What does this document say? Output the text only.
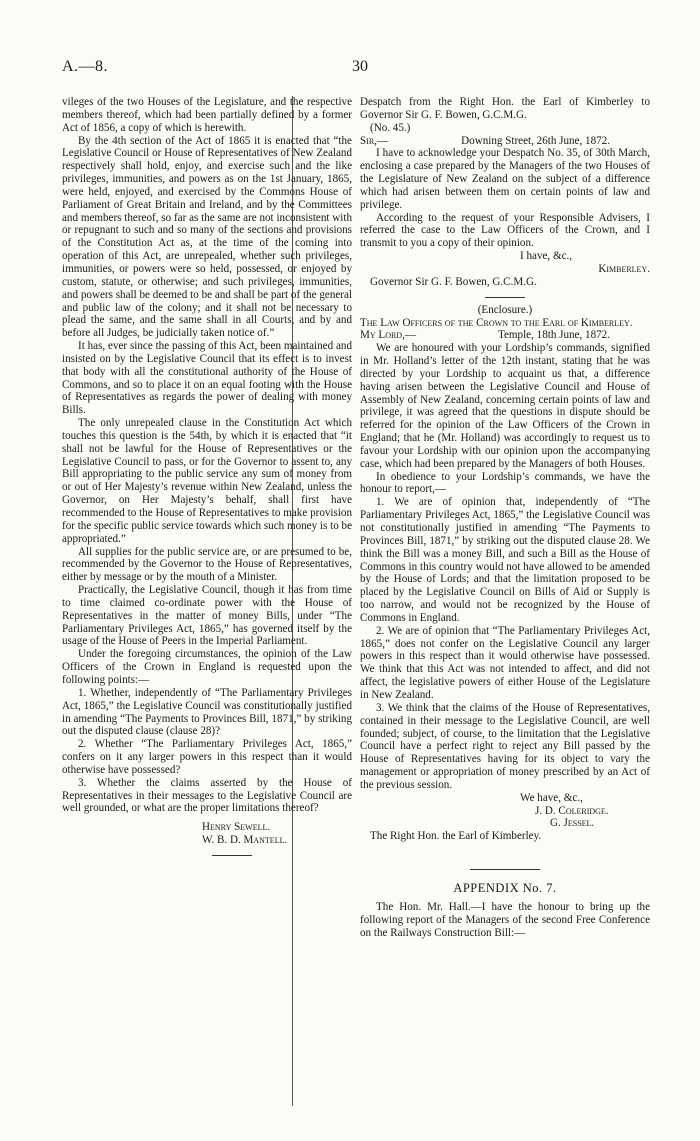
A.—8.	30

vileges of the two Houses of the Legislature, and the respective members thereof, which had been partially defined by a former Act of 1856, a copy of which is herewith.

By the 4th section of the Act of 1865 it is enacted that “the Legislative Council or House of Representatives of New Zealand respectively shall hold, enjoy, and exercise such and the like privileges, immunities, and powers as on the 1st January, 1865, were held, enjoyed, and exercised by the Commons House of Parliament of Great Britain and Ireland, and by the Committees and members thereof, so far as the same are not inconsistent with or repugnant to such and so many of the sections and provisions of the Constitution Act as, at the time of the coming into operation of this Act, are unrepealed, whether such privileges, immunities, or powers were so held, possessed, or enjoyed by custom, statute, or otherwise; and such privileges, immunities, and powers shall be deemed to be and shall be part of the general and public law of the colony; and it shall not be necessary to plead the same, and the same shall in all Courts, and by and before all Judges, be judicially taken notice of.”

It has, ever since the passing of this Act, been maintained and insisted on by the Legislative Council that its effect is to invest that body with all the constitutional authority of the House of Commons, and so to place it on an equal footing with the House of Representatives as regards the power of dealing with money Bills.

The only unrepealed clause in the Constitution Act which touches this question is the 54th, by which it is enacted that “it shall not be lawful for the House of Representatives or the Legislative Council to pass, or for the Governor to assent to, any Bill appropriating to the public service any sum of money from or out of Her Majesty’s revenue within New Zealand, unless the Governor, on Her Majesty’s behalf, shall first have recommended to the House of Representatives to make provision for the specific public service towards which such money is to be appropriated.”

All supplies for the public service are, or are presumed to be, recommended by the Governor to the House of Representatives, either by message or by the mouth of a Minister.

Practically, the Legislative Council, though it has from time to time claimed co-ordinate power with the House of Representatives in the matter of money Bills, under “The Parliamentary Privileges Act, 1865,” has governed itself by the usage of the House of Peers in the Imperial Parliament.

Under the foregoing circumstances, the opinion of the Law Officers of the Crown in England is requested upon the following points:—

1. Whether, independently of “The Parliamentary Privileges Act, 1865,” the Legislative Council was constitutionally justified in amending “The Payments to Provinces Bill, 1871,” by striking out the disputed clause (clause 28)?

2. Whether “The Parliamentary Privileges Act, 1865,” confers on it any larger powers in this respect than it would otherwise have possessed?

3. Whether the claims asserted by the House of Representatives in their messages to the Legislative Council are well grounded, or what are the proper limitations thereof?

Henry Sewell.

W. B. D. Mantell.

Despatch from the Right Hon. the Earl of Kimberley to Governor Sir G. F. Bowen, G.C.M.G.

(No. 45.)

Sir,—	Downing Street, 26th June, 1872.

I have to acknowledge your Despatch No. 35, of 30th March, enclosing a case prepared by the Managers of the two Houses of the Legislature of New Zealand on the subject of a difference which had arisen between them on certain points of law and privilege.

According to the request of your Responsible Advisers, I referred the case to the Law Officers of the Crown, and I transmit to you a copy of their opinion.

I have, &c.,

Kimberley.

Governor Sir G. F. Bowen, G.C.M.G.

(Enclosure.)

The Law Officers of the Crown to the Earl of Kimberley.

My Lord,—	Temple, 18th June, 1872.

We are honoured with your Lordship’s commands, signified in Mr. Holland’s letter of the 12th instant, stating that he was directed by your Lordship to acquaint us that, a difference having arisen between the Legislative Council and House of Assembly of New Zealand, concerning certain points of law and privilege, it was agreed that the questions in dispute should be referred for the opinion of the Law Officers of the Crown in England; that he (Mr. Holland) was accordingly to request us to favour your Lordship with our opinion upon the accompanying case, which had been prepared by the Managers of both Houses.

In obedience to your Lordship’s commands, we have the honour to report,—

1. We are of opinion that, independently of “The Parliamentary Privileges Act, 1865,” the Legislative Council was not constitutionally justified in amending “The Payments to Provinces Bill, 1871,” by striking out the disputed clause 28. We think the Bill was a money Bill, and such a Bill as the House of Commons in this country would not have allowed to be amended by the House of Lords; and that the limitation proposed to be placed by the Legislative Council on Bills of Aid or Supply is too narrow, and would not be recognized by the House of Commons in England.

2. We are of opinion that “The Parliamentary Privileges Act, 1865,” does not confer on the Legislative Council any larger powers in this respect than it would otherwise have possessed. We think that this Act was not intended to affect, and did not affect, the legislative powers of either House of the Legislature in New Zealand.

3. We think that the claims of the House of Representatives, contained in their message to the Legislative Council, are well founded; subject, of course, to the limitation that the Legislative Council have a perfect right to reject any Bill passed by the House of Representatives having for its object to vary the management or appropriation of money prescribed by an Act of the previous session.

We have, &c.,

J. D. Coleridge.

G. Jessel.

The Right Hon. the Earl of Kimberley.

APPENDIX No. 7.

The Hon. Mr. Hall.—I have the honour to bring up the following report of the Managers of the second Free Conference on the Railways Construction Bill:—
